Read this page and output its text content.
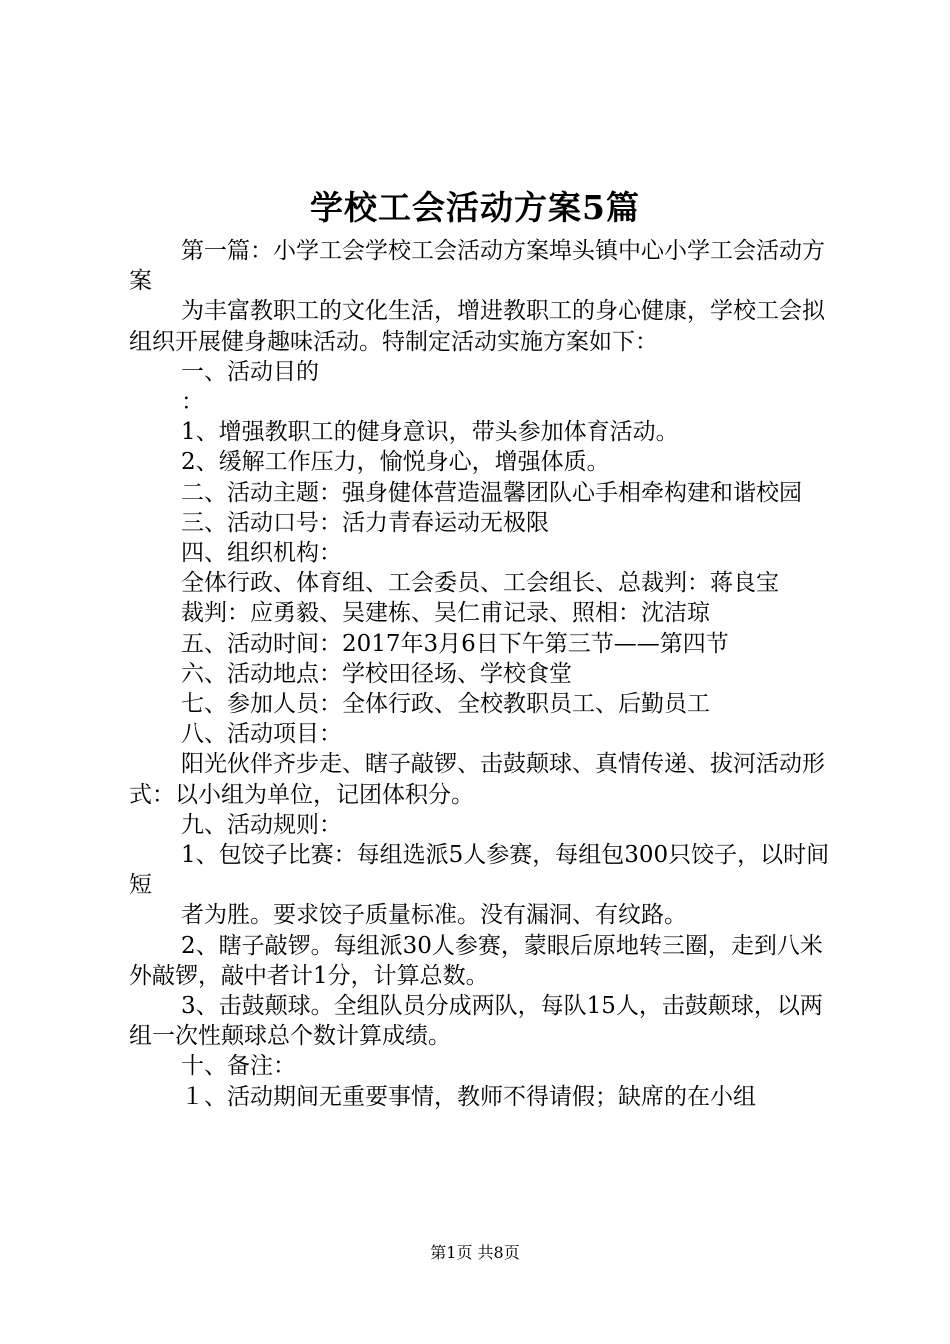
学校工会活动方案5篇

第一篇：小学工会学校工会活动方案埠头镇中心小学工会活动方案

为丰富教职工的文化生活，增进教职工的身心健康，学校工会拟组织开展健身趣味活动。特制定活动实施方案如下：

一、活动目的

：

1、增强教职工的健身意识，带头参加体育活动。

2、缓解工作压力，愉悦身心，增强体质。

二、活动主题：强身健体营造温馨团队心手相牵构建和谐校园

三、活动口号：活力青春运动无极限

四、组织机构：

全体行政、体育组、工会委员、工会组长、总裁判：蒋良宝

裁判：应勇毅、吴建栋、吴仁甫记录、照相：沈洁琼

五、活动时间：2017年3月6日下午第三节——第四节

六、活动地点：学校田径场、学校食堂

七、参加人员：全体行政、全校教职员工、后勤员工

八、活动项目：

阳光伙伴齐步走、瞎子敲锣、击鼓颠球、真情传递、拔河活动形式：以小组为单位，记团体积分。

九、活动规则：

1、包饺子比赛：每组选派5人参赛，每组包300只饺子，以时间短

者为胜。要求饺子质量标准。没有漏洞、有纹路。

2、瞎子敲锣。每组派30人参赛，蒙眼后原地转三圈，走到八米外敲锣，敲中者计1分，计算总数。

3、击鼓颠球。全组队员分成两队，每队15人，击鼓颠球，以两组一次性颠球总个数计算成绩。

十、备注：

１、活动期间无重要事情，教师不得请假；缺席的在小组

第1页 共8页
